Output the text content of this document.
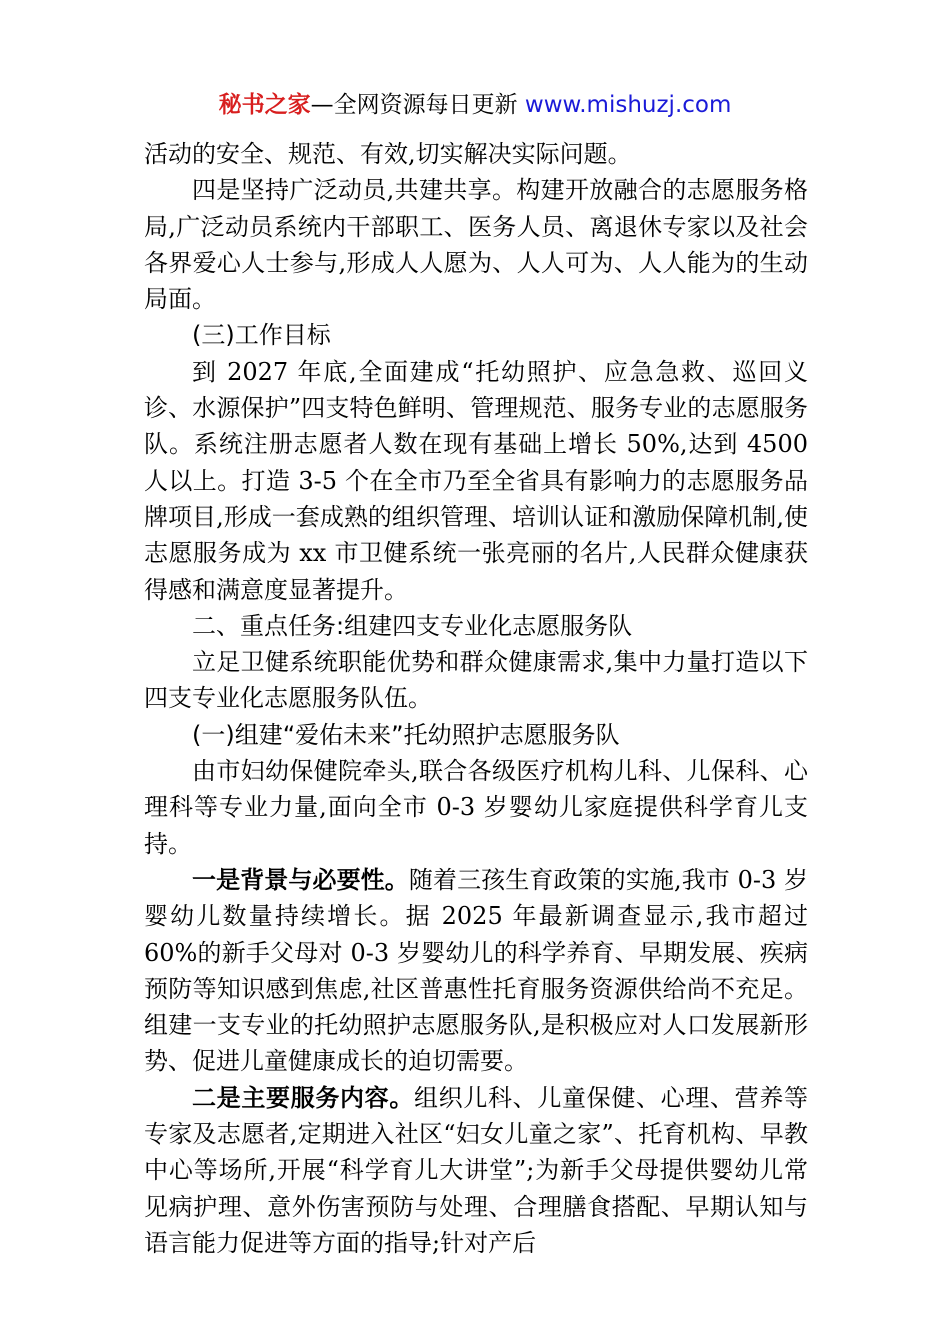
秘书之家—全网资源每日更新 www.mishuzj.com

活动的安全、规范、有效,切实解决实际问题。

四是坚持广泛动员,共建共享。构建开放融合的志愿服务格局,广泛动员系统内干部职工、医务人员、离退休专家以及社会各界爱心人士参与,形成人人愿为、人人可为、人人能为的生动局面。

(三)工作目标

到 2027 年底,全面建成“托幼照护、应急急救、巡回义诊、水源保护”四支特色鲜明、管理规范、服务专业的志愿服务队。系统注册志愿者人数在现有基础上增长 50%,达到 4500 人以上。打造 3-5 个在全市乃至全省具有影响力的志愿服务品牌项目,形成一套成熟的组织管理、培训认证和激励保障机制,使志愿服务成为 xx 市卫健系统一张亮丽的名片,人民群众健康获得感和满意度显著提升。

二、重点任务:组建四支专业化志愿服务队

立足卫健系统职能优势和群众健康需求,集中力量打造以下四支专业化志愿服务队伍。

(一)组建“爱佑未来”托幼照护志愿服务队

由市妇幼保健院牵头,联合各级医疗机构儿科、儿保科、心理科等专业力量,面向全市 0-3 岁婴幼儿家庭提供科学育儿支持。

一是背景与必要性。随着三孩生育政策的实施,我市 0-3 岁婴幼儿数量持续增长。据 2025 年最新调查显示,我市超过 60%的新手父母对 0-3 岁婴幼儿的科学养育、早期发展、疾病预防等知识感到焦虑,社区普惠性托育服务资源供给尚不充足。组建一支专业的托幼照护志愿服务队,是积极应对人口发展新形势、促进儿童健康成长的迫切需要。

二是主要服务内容。组织儿科、儿童保健、心理、营养等专家及志愿者,定期进入社区“妇女儿童之家”、托育机构、早教中心等场所,开展“科学育儿大讲堂”;为新手父母提供婴幼儿常见病护理、意外伤害预防与处理、合理膳食搭配、早期认知与语言能力促进等方面的指导;针对产后
